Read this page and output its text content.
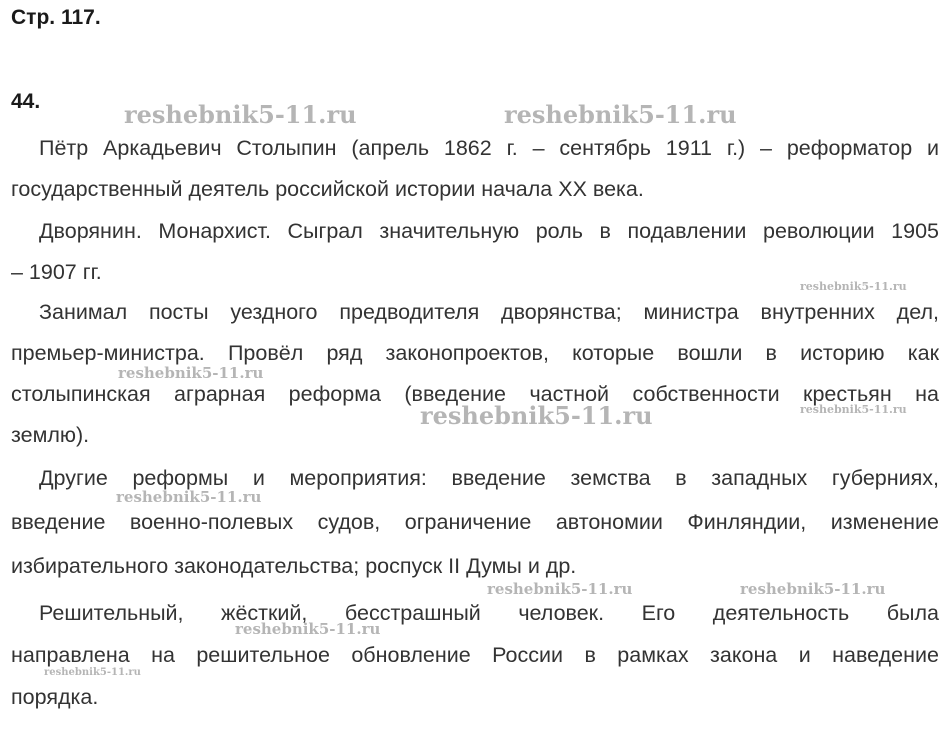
Стр. 117.
44.
Пётр Аркадьевич Столыпин (апрель 1862 г. – сентябрь 1911 г.) – реформатор и
государственный деятель российской истории начала XX века.
Дворянин. Монархист. Сыграл значительную роль в подавлении революции 1905
– 1907 гг.
Занимал посты уездного предводителя дворянства; министра внутренних дел,
премьер-министра. Провёл ряд законопроектов, которые вошли в историю как
столыпинская аграрная реформа (введение частной собственности крестьян на
землю).
Другие реформы и мероприятия: введение земства в западных губерниях,
введение военно-полевых судов, ограничение автономии Финляндии, изменение
избирательного законодательства; роспуск II Думы и др.
Решительный, жёсткий, бесстрашный человек. Его деятельность была
направлена на решительное обновление России в рамках закона и наведение
порядка.
reshebnik5-11.ru	reshebnik5-11.ru
reshebnik5-11.ru
reshebnik5-11.ru
reshebnik5-11.ru	reshebnik5-11.ru
reshebnik5-11.ru
reshebnik5-11.ru	reshebnik5-11.ru
reshebnik5-11.ru
reshebnik5-11.ru
